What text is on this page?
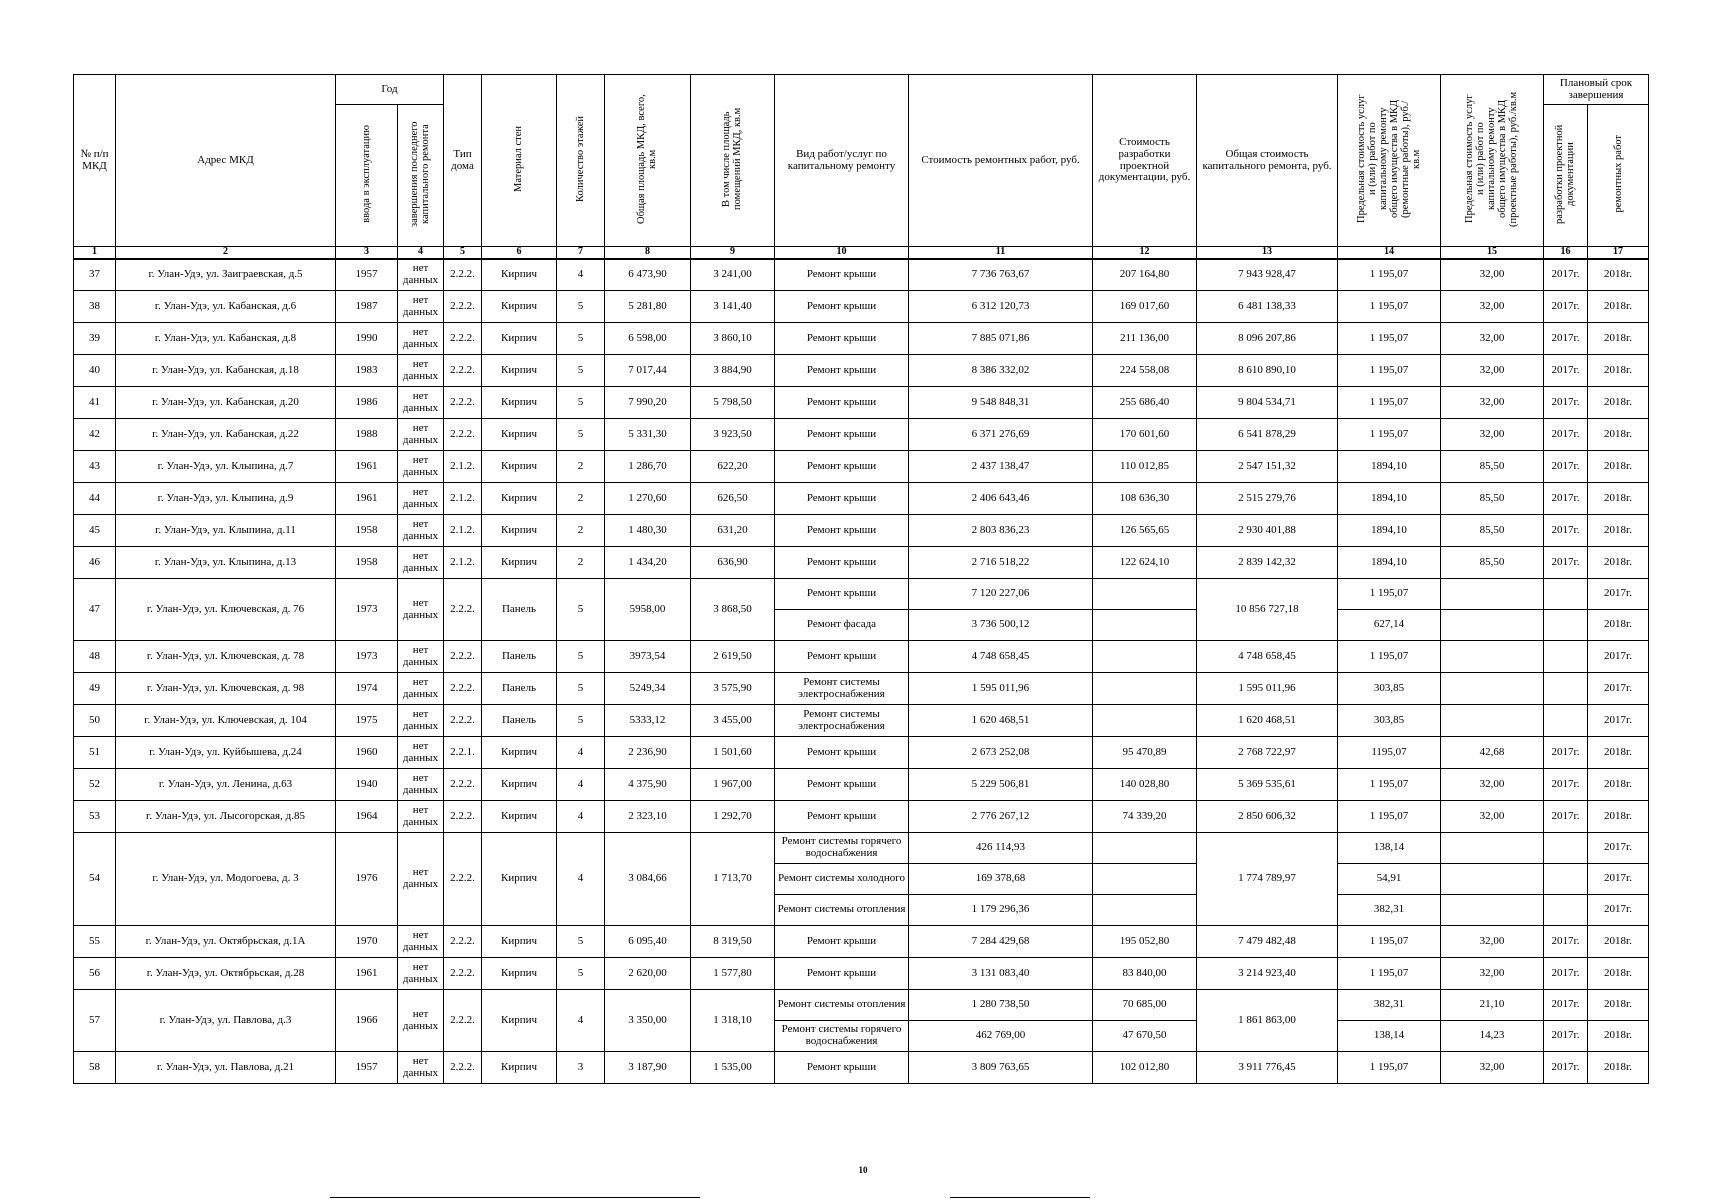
№ п/п МКД	Адрес МКД	Год		Тип дома	Материал стен	Количество этажей	Общая площадь МКД, всего, кв.м	В том числе площадь помещений МКД, кв.м	Вид работ/услуг по капитальному ремонту	Стоимость ремонтных работ, руб.	Стоимость разработки проектной документации, руб.	Общая стоимость капитального ремонта, руб.	Предельная стоимость услуг и (или) работ по капитальному ремонту общего имущества в МКД (ремонтные работы), руб./кв.м	Предельная стоимость услуг и (или) работ по капитальному ремонту общего имущества в МКД (проектные работы), руб./кв.м	Плановый срок завершения	
		ввода в эксплуатацию	завершения последнего капитального ремонта												разработки проектной документации	ремонтных работ
1	2	3	4	5	6	7	8	9	10	11	12	13	14	15	16	17
37	г. Улан-Удэ, ул. Заиграевская, д.5	1957	нет данных	2.2.2.	Кирпич	4	6 473,90	3 241,00	Ремонт крыши	7 736 763,67	207 164,80	7 943 928,47	1 195,07	32,00	2017г.	2018г.
38	г. Улан-Удэ, ул. Кабанская, д.6	1987	нет данных	2.2.2.	Кирпич	5	5 281,80	3 141,40	Ремонт крыши	6 312 120,73	169 017,60	6 481 138,33	1 195,07	32,00	2017г.	2018г.
39	г. Улан-Удэ, ул. Кабанская, д.8	1990	нет данных	2.2.2.	Кирпич	5	6 598,00	3 860,10	Ремонт крыши	7 885 071,86	211 136,00	8 096 207,86	1 195,07	32,00	2017г.	2018г.
40	г. Улан-Удэ, ул. Кабанская, д.18	1983	нет данных	2.2.2.	Кирпич	5	7 017,44	3 884,90	Ремонт крыши	8 386 332,02	224 558,08	8 610 890,10	1 195,07	32,00	2017г.	2018г.
41	г. Улан-Удэ, ул. Кабанская, д.20	1986	нет данных	2.2.2.	Кирпич	5	7 990,20	5 798,50	Ремонт крыши	9 548 848,31	255 686,40	9 804 534,71	1 195,07	32,00	2017г.	2018г.
42	г. Улан-Удэ, ул. Кабанская, д.22	1988	нет данных	2.2.2.	Кирпич	5	5 331,30	3 923,50	Ремонт крыши	6 371 276,69	170 601,60	6 541 878,29	1 195,07	32,00	2017г.	2018г.
43	г. Улан-Удэ, ул. Клыпина, д.7	1961	нет данных	2.1.2.	Кирпич	2	1 286,70	622,20	Ремонт крыши	2 437 138,47	110 012,85	2 547 151,32	1894,10	85,50	2017г.	2018г.
44	г. Улан-Удэ, ул. Клыпина, д.9	1961	нет данных	2.1.2.	Кирпич	2	1 270,60	626,50	Ремонт крыши	2 406 643,46	108 636,30	2 515 279,76	1894,10	85,50	2017г.	2018г.
45	г. Улан-Удэ, ул. Клыпина, д.11	1958	нет данных	2.1.2.	Кирпич	2	1 480,30	631,20	Ремонт крыши	2 803 836,23	126 565,65	2 930 401,88	1894,10	85,50	2017г.	2018г.
46	г. Улан-Удэ, ул. Клыпина, д.13	1958	нет данных	2.1.2.	Кирпич	2	1 434,20	636,90	Ремонт крыши	2 716 518,22	122 624,10	2 839 142,32	1894,10	85,50	2017г.	2018г.
47	г. Улан-Удэ, ул. Ключевская, д. 76	1973	нет данных	2.2.2.	Панель	5	5958,00	3 868,50	Ремонт крыши	7 120 227,06		10 856 727,18	1 195,07			2017г.
									Ремонт фасада	3 736 500,12			627,14			2018г.
48	г. Улан-Удэ, ул. Ключевская, д. 78	1973	нет данных	2.2.2.	Панель	5	3973,54	2 619,50	Ремонт крыши	4 748 658,45		4 748 658,45	1 195,07			2017г.
49	г. Улан-Удэ, ул. Ключевская, д. 98	1974	нет данных	2.2.2.	Панель	5	5249,34	3 575,90	Ремонт системы электроснабжения	1 595 011,96		1 595 011,96	303,85			2017г.
50	г. Улан-Удэ, ул. Ключевская, д. 104	1975	нет данных	2.2.2.	Панель	5	5333,12	3 455,00	Ремонт системы электроснабжения	1 620 468,51		1 620 468,51	303,85			2017г.
51	г. Улан-Удэ, ул. Куйбышева, д.24	1960	нет данных	2.2.1.	Кирпич	4	2 236,90	1 501,60	Ремонт крыши	2 673 252,08	95 470,89	2 768 722,97	1195,07	42,68	2017г.	2018г.
52	г. Улан-Удэ, ул. Ленина, д.63	1940	нет данных	2.2.2.	Кирпич	4	4 375,90	1 967,00	Ремонт крыши	5 229 506,81	140 028,80	5 369 535,61	1 195,07	32,00	2017г.	2018г.
53	г. Улан-Удэ, ул. Лысогорская, д.85	1964	нет данных	2.2.2.	Кирпич	4	2 323,10	1 292,70	Ремонт крыши	2 776 267,12	74 339,20	2 850 606,32	1 195,07	32,00	2017г.	2018г.
54	г. Улан-Удэ, ул. Модогоева, д. 3	1976	нет данных	2.2.2.	Кирпич	4	3 084,66	1 713,70	Ремонт системы горячего водоснабжения	426 114,93		1 774 789,97	138,14			2017г.
									Ремонт системы холодного	169 378,68			54,91			2017г.
									Ремонт системы отопления	1 179 296,36			382,31			2017г.
55	г. Улан-Удэ, ул. Октябрьская, д.1А	1970	нет данных	2.2.2.	Кирпич	5	6 095,40	8 319,50	Ремонт крыши	7 284 429,68	195 052,80	7 479 482,48	1 195,07	32,00	2017г.	2018г.
56	г. Улан-Удэ, ул. Октябрьская, д.28	1961	нет данных	2.2.2.	Кирпич	5	2 620,00	1 577,80	Ремонт крыши	3 131 083,40	83 840,00	3 214 923,40	1 195,07	32,00	2017г.	2018г.
57	г. Улан-Удэ, ул. Павлова, д.3	1966	нет данных	2.2.2.	Кирпич	4	3 350,00	1 318,10	Ремонт системы отопления	1 280 738,50	70 685,00	1 861 863,00	382,31	21,10	2017г.	2018г.
									Ремонт системы горячего водоснабжения	462 769,00	47 670,50		138,14	14,23	2017г.	2018г.
58	г. Улан-Удэ, ул. Павлова, д.21	1957	нет данных	2.2.2.	Кирпич	3	3 187,90	1 535,00	Ремонт крыши	3 809 763,65	102 012,80	3 911 776,45	1 195,07	32,00	2017г.	2018г.
10
